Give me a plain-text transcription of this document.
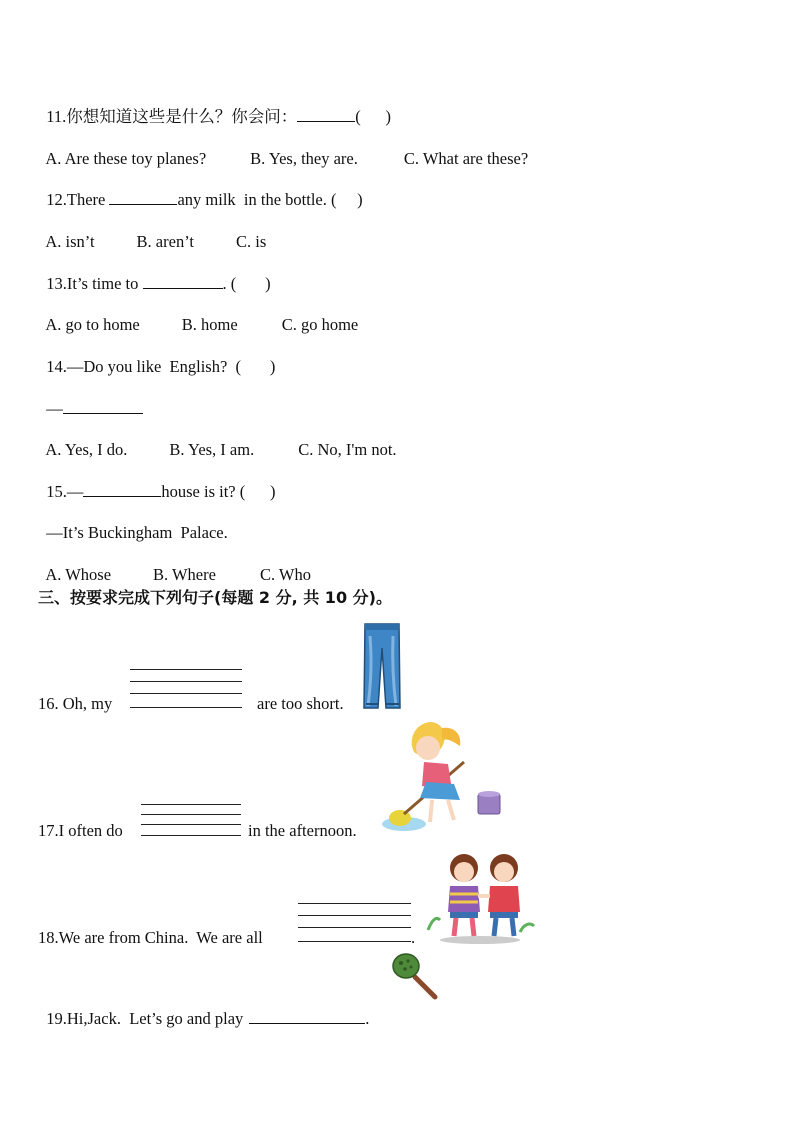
11.你想知道这些是什么？你会问：	(      )

A. Are these toy planes?	B. Yes, they are.	C. What are these?

12.There	any milk  in the bottle. (     )

A. isn’t	B. aren’t	C. is

13.It’s time to	. (       )

A. go to home	B. home	C. go home

14.—Do you like  English?  (       )

—

A. Yes, I do.	B. Yes, I am.	C. No, I'm not.

15.—	house is it? (      )

—It’s Buckingham  Palace.

A. Whose	B. Where	C. Who

三、按要求完成下列句子(每题 2 分, 共 10 分)。
16. Oh, my	are too short.
17.I often do	in the afternoon.
18.We are from China.  We are all	.

19.Hi,Jack.  Let’s go and play	.
